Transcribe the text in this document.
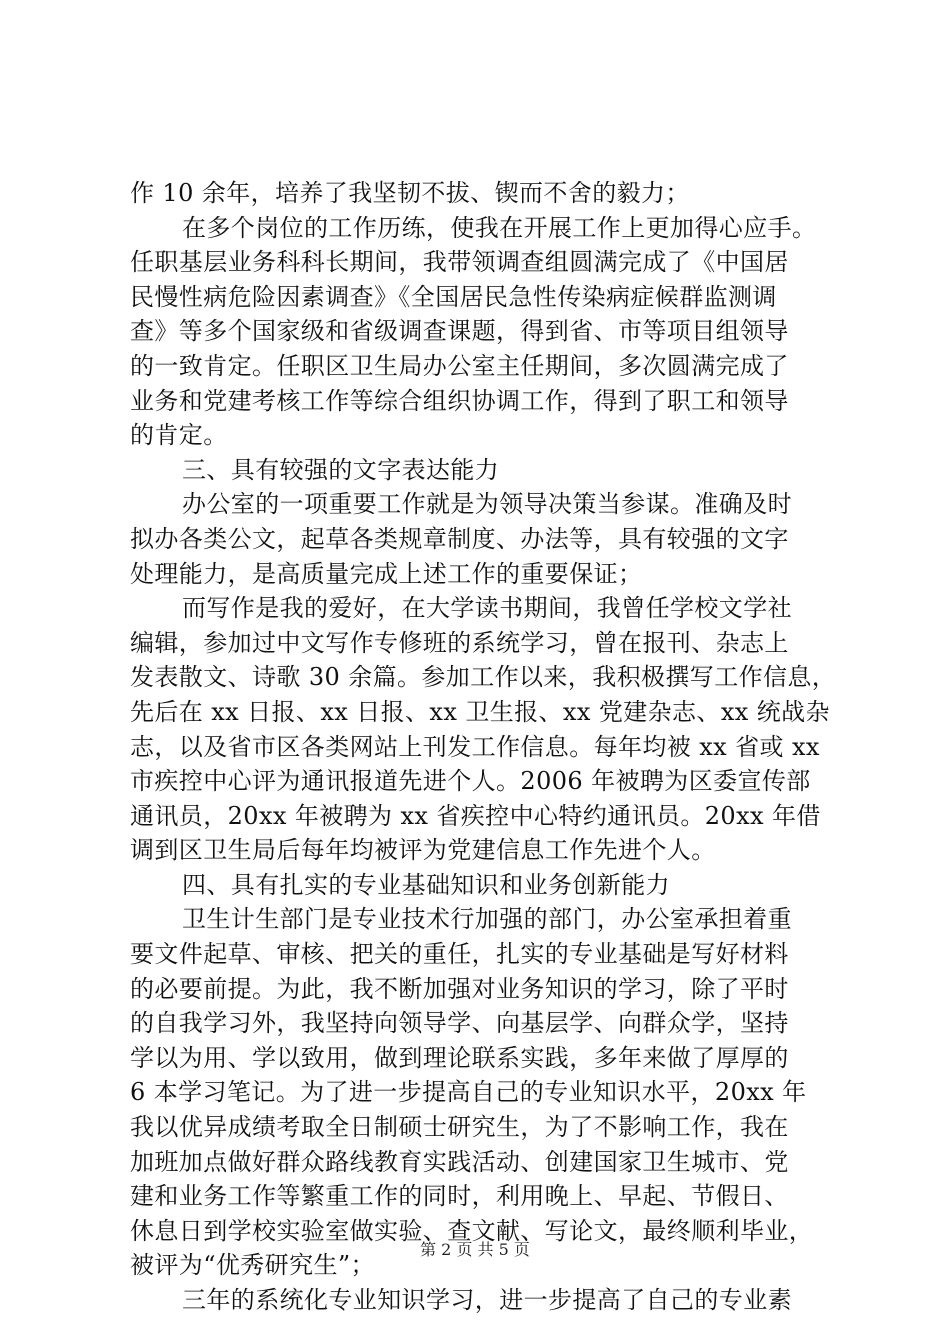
作 10 余年，培养了我坚韧不拔、锲而不舍的毅力；
在多个岗位的工作历练，使我在开展工作上更加得心应手。
任职基层业务科科长期间，我带领调查组圆满完成了《中国居
民慢性病危险因素调查》《全国居民急性传染病症候群监测调
查》等多个国家级和省级调查课题，得到省、市等项目组领导
的一致肯定。任职区卫生局办公室主任期间，多次圆满完成了
业务和党建考核工作等综合组织协调工作，得到了职工和领导
的肯定。
三、具有较强的文字表达能力
办公室的一项重要工作就是为领导决策当参谋。准确及时
拟办各类公文，起草各类规章制度、办法等，具有较强的文字
处理能力，是高质量完成上述工作的重要保证；
而写作是我的爱好，在大学读书期间，我曾任学校文学社
编辑，参加过中文写作专修班的系统学习，曾在报刊、杂志上
发表散文、诗歌 30 余篇。参加工作以来，我积极撰写工作信息，
先后在 xx 日报、xx 日报、xx 卫生报、xx 党建杂志、xx 统战杂
志，以及省市区各类网站上刊发工作信息。每年均被 xx 省或 xx
市疾控中心评为通讯报道先进个人。2006 年被聘为区委宣传部
通讯员，20xx 年被聘为 xx 省疾控中心特约通讯员。20xx 年借
调到区卫生局后每年均被评为党建信息工作先进个人。
四、具有扎实的专业基础知识和业务创新能力
卫生计生部门是专业技术行加强的部门，办公室承担着重
要文件起草、审核、把关的重任，扎实的专业基础是写好材料
的必要前提。为此，我不断加强对业务知识的学习，除了平时
的自我学习外，我坚持向领导学、向基层学、向群众学，坚持
学以为用、学以致用，做到理论联系实践，多年来做了厚厚的
6 本学习笔记。为了进一步提高自己的专业知识水平，20xx 年
我以优异成绩考取全日制硕士研究生，为了不影响工作，我在
加班加点做好群众路线教育实践活动、创建国家卫生城市、党
建和业务工作等繁重工作的同时，利用晚上、早起、节假日、
休息日到学校实验室做实验、查文献、写论文，最终顺利毕业，
被评为“优秀研究生”；
三年的系统化专业知识学习，进一步提高了自己的专业素
第 2 页 共 5 页
